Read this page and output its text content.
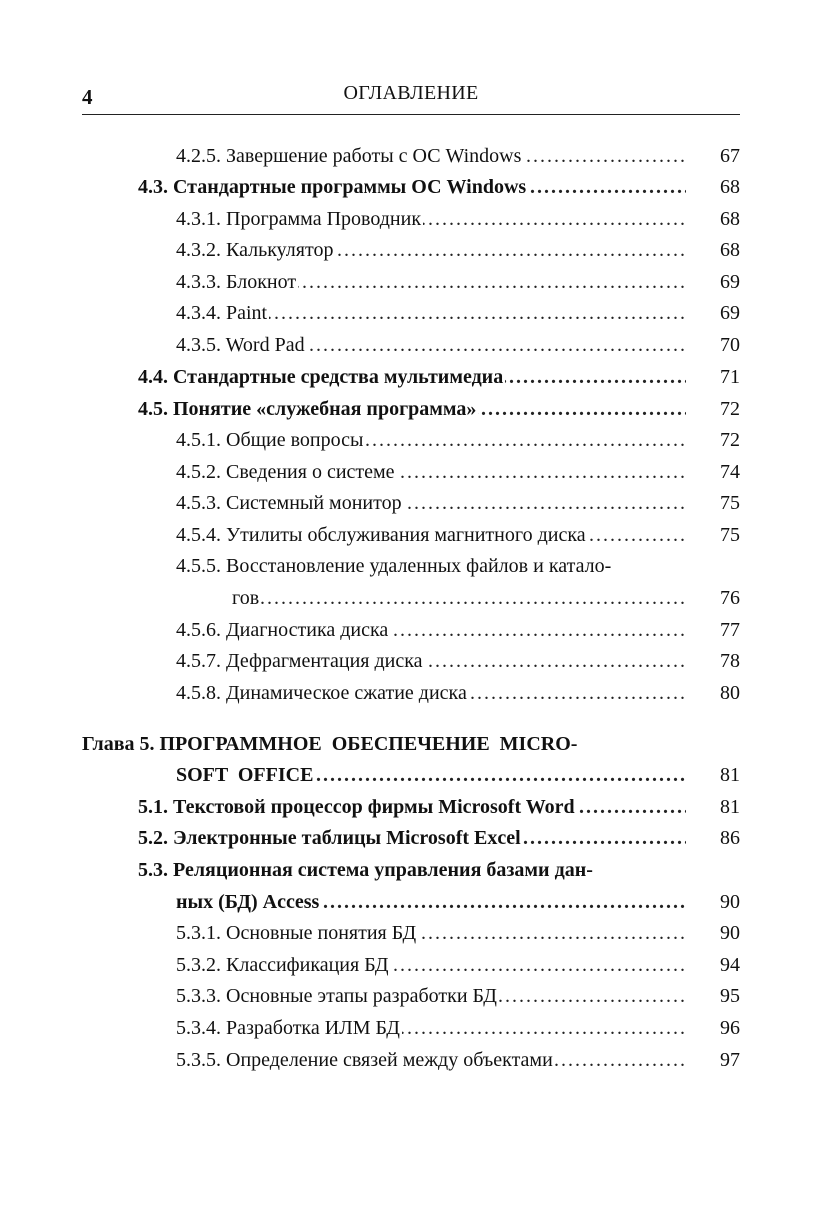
4	ОГЛАВЛЕНИЕ
. . .
4.2.5. Завершение работы с ОС Windows	67
. . .
4.3. Стандартные программы ОС Windows	68
. . .
4.3.1. Программа Проводник	68
. . .
4.3.2. Калькулятор	68
. . .
4.3.3. Блокнот	69
. . .
4.3.4. Paint	69
. . .
4.3.5. Word Pad	70
. . .
4.4. Стандартные средства мультимедиа	71
. . .
4.5. Понятие «служебная программа»	72
. . .
4.5.1. Общие вопросы	72
. . .
4.5.2. Сведения о системе	74
. . .
4.5.3. Системный монитор	75
. . .
4.5.4. Утилиты обслуживания магнитного диска	75
4.5.5. Восстановление удаленных файлов и катало-
. . .
гов	76
. . .
4.5.6. Диагностика диска	77
. . .
4.5.7. Дефрагментация диска	78
. . .
4.5.8. Динамическое сжатие диска	80
Глава 5. ПРОГРАММНОЕ  ОБЕСПЕЧЕНИЕ  MICRO-
. . .
SOFT  OFFICE	81
. . .
5.1. Текстовой процессор фирмы Microsoft Word	81
. . .
5.2. Электронные таблицы Microsoft Excel	86
5.3. Реляционная система управления базами дан-
. . .
ных (БД) Access	90
. . .
5.3.1. Основные понятия БД	90
. . .
5.3.2. Классификация БД	94
. . .
5.3.3. Основные этапы разработки БД	95
. . .
5.3.4. Разработка ИЛМ БД	96
. . .
5.3.5. Определение связей между объектами	97
